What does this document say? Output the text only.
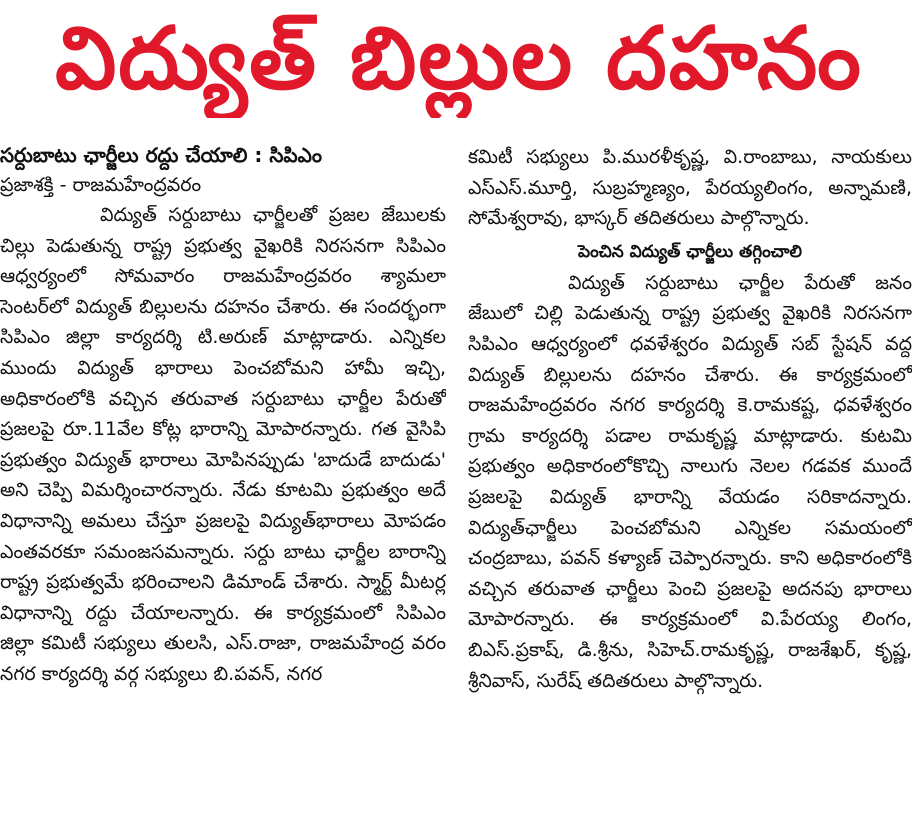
విద్యుత్ బిల్లుల దహనం
సర్దుబాటు ఛార్జీలు రద్దు చేయాలి : సిపిఎం
ప్రజాశక్తి - రాజమహేంద్రవరం

విద్యుత్ సర్దుబాటు ఛార్జీలతో ప్రజల జేబులకు చిల్లు పెడుతున్న రాష్ట్ర ప్రభుత్వ వైఖరికి నిరసనగా సిపిఎం ఆధ్వర్యంలో సోమవారం రాజమహేంద్రవరం శ్యామలా సెంటర్‌లో విద్యుత్ బిల్లులను దహనం చేశారు. ఈ సందర్భంగా సిపిఎం జిల్లా కార్యదర్శి టి.అరుణ్ మాట్లాడారు. ఎన్నికల ముందు విద్యుత్ భారాలు పెంచబోమని హామీ ఇచ్చి, అధికారంలోకి వచ్చిన తరువాత సర్దుబాటు ఛార్జీల పేరుతో ప్రజలపై రూ.11వేల కోట్ల భారాన్ని మోపారన్నారు. గత వైసిపి ప్రభుత్వం విద్యుత్ భారాలు మోపినప్పుడు 'బాదుడే బాదుడు' అని చెప్పి విమర్శించారన్నారు. నేడు కూటమి ప్రభుత్వం అదే విధానాన్ని అమలు చేస్తూ ప్రజలపై విద్యుత్‌భారాలు మోపడం ఎంతవరకూ సమంజసమన్నారు. సర్దు బాటు ఛార్జీల బారాన్ని రాష్ట్ర ప్రభుత్వమే భరించాలని డిమాండ్ చేశారు. స్మార్ట్ మీటర్ల విధానాన్ని రద్దు చేయాలన్నారు. ఈ కార్యక్రమంలో సిపిఎం జిల్లా కమిటీ సభ్యులు తులసి, ఎస్.రాజా, రాజమహేంద్ర వరం నగర కార్యదర్శి వర్గ సభ్యులు బి.పవన్, నగర

కమిటీ సభ్యులు పి.మురళీకృష్ణ, వి.రాంబాబు, నాయకులు ఎస్ఎస్.మూర్తి, సుబ్రహ్మణ్యం, పేరయ్యలింగం, అన్నామణి, సోమేశ్వరావు, భాస్కర్ తదితరులు పాల్గొన్నారు.

పెంచిన విద్యుత్ ఛార్జీలు తగ్గించాలి

విద్యుత్ సర్దుబాటు ఛార్జీల పేరుతో జనం జేబులో చిల్లి పెడుతున్న రాష్ట్ర ప్రభుత్వ వైఖరికి నిరసనగా సిపిఎం ఆధ్వర్యంలో ధవళేశ్వరం విద్యుత్ సబ్ స్టేషన్ వద్ద విద్యుత్ బిల్లులను దహనం చేశారు. ఈ కార్యక్రమంలో రాజమహేంద్రవరం నగర కార్యదర్శి కె.రామకష్ట, ధవళేశ్వరం గ్రామ కార్యదర్శి పడాల రామకృష్ణ మాట్లాడారు. కుటమి ప్రభుత్వం అధికారంలోకొచ్చి నాలుగు నెలల గడవక ముందే ప్రజలపై విద్యుత్ భారాన్ని వేయడం సరికాదన్నారు. విద్యుత్‌ఛార్జీలు పెంచబోమని ఎన్నికల సమయంలో చంద్రబాబు, పవన్ కళ్యాణ్ చెప్పారన్నారు. కాని అధికారంలోకి వచ్చిన తరువాత ఛార్జీలు పెంచి ప్రజలపై అదనపు భారాలు మోపారన్నారు. ఈ కార్యక్రమంలో వి.పేరయ్య లింగం, బిఎస్.ప్రకాష్, డి.శ్రీను, సిహెచ్.రామకృష్ణ, రాజశేఖర్, కృష్ణ, శ్రీనివాస్, సురేష్ తదితరులు పాల్గొన్నారు.
